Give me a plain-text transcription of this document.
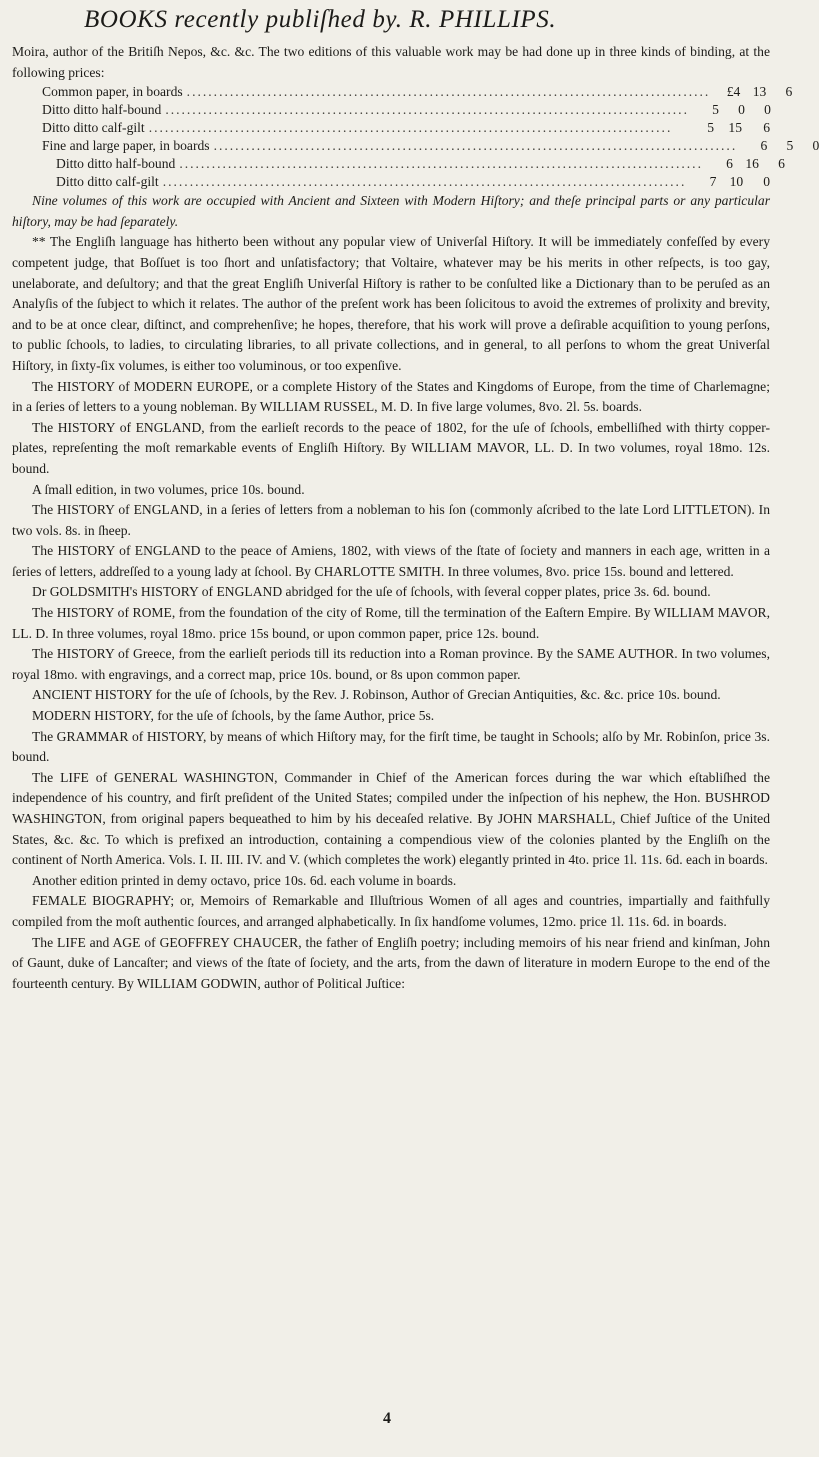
BOOKS recently publiſhed by. R. PHILLIPS.

Moira, author of the Britiſh Nepos, &c. &c. The two editions of this valuable work may be had done up in three kinds of binding, at the following prices:

Common paper, in boards .................................................................................................	£4 13	6
Ditto ditto half-bound .................................................................................................	5	0	0
Ditto ditto calf-gilt .................................................................................................	5	15	6
Fine and large paper, in boards .................................................................................................	6	5	0
Ditto ditto half-bound .................................................................................................	6 16	6
Ditto ditto calf-gilt .................................................................................................	7 10	0

Nine volumes of this work are occupied with Ancient and Sixteen with Modern Hiſtory; and theſe principal parts or any particular hiſtory, may be had ſeparately.

** The Engliſh language has hitherto been without any popular view of Univerſal Hiſtory. It will be immediately confeſſed by every competent judge, that Boſſuet is too ſhort and unſatisfactory; that Voltaire, whatever may be his merits in other reſpects, is too gay, unelaborate, and deſultory; and that the great Engliſh Univerſal Hiſtory is rather to be conſulted like a Dictionary than to be peruſed as an Analyſis of the ſubject to which it relates. The author of the preſent work has been ſolicitous to avoid the extremes of prolixity and brevity, and to be at once clear, diſtinct, and comprehenſive; he hopes, therefore, that his work will prove a deſirable acquiſition to young perſons, to public ſchools, to ladies, to circulating libraries, to all private collections, and in general, to all perſons to whom the great Univerſal Hiſtory, in ſixty-ſix volumes, is either too voluminous, or too expenſive.

The HISTORY of MODERN EUROPE, or a complete History of the States and Kingdoms of Europe, from the time of Charlemagne; in a ſeries of letters to a young nobleman. By WILLIAM RUSSEL, M. D. In five large volumes, 8vo. 2l. 5s. boards.

The HISTORY of ENGLAND, from the earlieſt records to the peace of 1802, for the uſe of ſchools, embelliſhed with thirty copper-plates, repreſenting the moſt remarkable events of Engliſh Hiſtory. By WILLIAM MAVOR, LL. D. In two volumes, royal 18mo. 12s. bound.

A ſmall edition, in two volumes, price 10s. bound.

The HISTORY of ENGLAND, in a ſeries of letters from a nobleman to his ſon (commonly aſcribed to the late Lord LITTLETON). In two vols. 8s. in ſheep.

The HISTORY of ENGLAND to the peace of Amiens, 1802, with views of the ſtate of ſociety and manners in each age, written in a ſeries of letters, addreſſed to a young lady at ſchool. By CHARLOTTE SMITH. In three volumes, 8vo. price 15s. bound and lettered.

Dr GOLDSMITH's HISTORY of ENGLAND abridged for the uſe of ſchools, with ſeveral copper plates, price 3s. 6d. bound.

The HISTORY of ROME, from the foundation of the city of Rome, till the termination of the Eaſtern Empire. By WILLIAM MAVOR, LL. D. In three volumes, royal 18mo. price 15s bound, or upon common paper, price 12s. bound.

The HISTORY of Greece, from the earlieſt periods till its reduction into a Roman province. By the SAME AUTHOR. In two volumes, royal 18mo. with engravings, and a correct map, price 10s. bound, or 8s upon common paper.

ANCIENT HISTORY for the uſe of ſchools, by the Rev. J. Robinson, Author of Grecian Antiquities, &c. &c. price 10s. bound.

MODERN HISTORY, for the uſe of ſchools, by the ſame Author, price 5s.

The GRAMMAR of HISTORY, by means of which Hiſtory may, for the firſt time, be taught in Schools; alſo by Mr. Robinſon, price 3s. bound.

The LIFE of GENERAL WASHINGTON, Commander in Chief of the American forces during the war which eſtabliſhed the independence of his country, and firſt preſident of the United States; compiled under the inſpection of his nephew, the Hon. BUSHROD WASHINGTON, from original papers bequeathed to him by his deceaſed relative. By JOHN MARSHALL, Chief Juſtice of the United States, &c. &c. To which is prefixed an introduction, containing a compendious view of the colonies planted by the Engliſh on the continent of North America. Vols. I. II. III. IV. and V. (which completes the work) elegantly printed in 4to. price 1l. 11s. 6d. each in boards.

Another edition printed in demy octavo, price 10s. 6d. each volume in boards.

FEMALE BIOGRAPHY; or, Memoirs of Remarkable and Illuſtrious Women of all ages and countries, impartially and faithfully compiled from the moſt authentic ſources, and arranged alphabetically. In ſix handſome volumes, 12mo. price 1l. 11s. 6d. in boards.

The LIFE and AGE of GEOFFREY CHAUCER, the father of Engliſh poetry; including memoirs of his near friend and kinſman, John of Gaunt, duke of Lancaſter; and views of the ſtate of ſociety, and the arts, from the dawn of literature in modern Europe to the end of the fourteenth century. By WILLIAM GODWIN, author of Political Juſtice:

4
